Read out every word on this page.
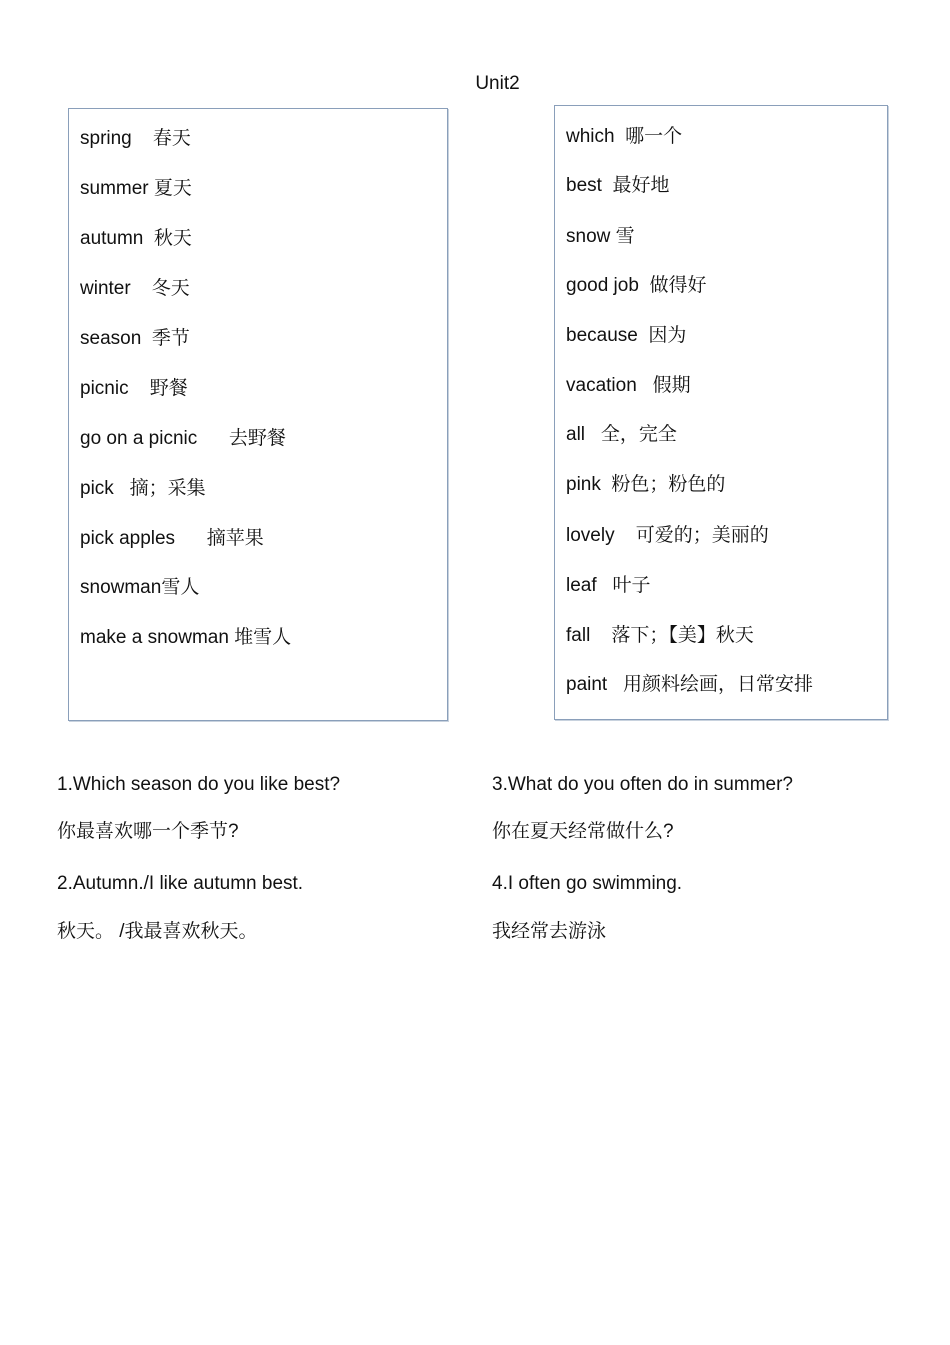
Unit2
spring    春天
summer 夏天
autumn  秋天
winter    冬天
season  季节
picnic    野餐
go on a picnic      去野餐
pick   摘；采集
pick apples      摘苹果
snowman雪人
make a snowman 堆雪人
which  哪一个
best  最好地
snow 雪
good job  做得好
because  因为
vacation   假期
all   全，完全
pink  粉色；粉色的
lovely    可爱的；美丽的
leaf   叶子
fall    落下；【美】秋天
paint   用颜料绘画，日常安排
1.Which season do you like best?
你最喜欢哪一个季节?
2.Autumn./I like autumn best.
秋天。 /我最喜欢秋天。
3.What do you often do in summer?
你在夏天经常做什么?
4.I often go swimming.
我经常去游泳
